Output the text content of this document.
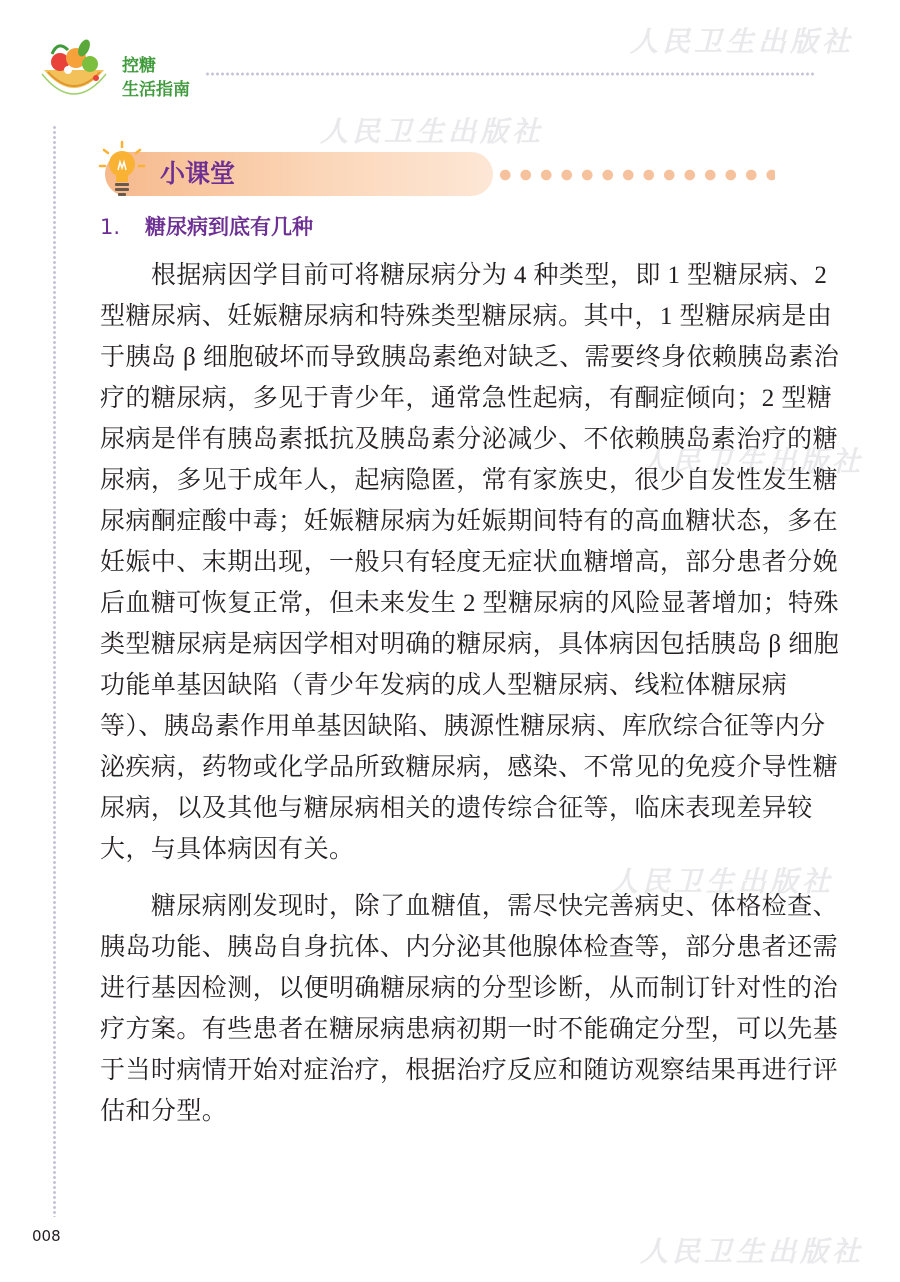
人民卫生出版社
人民卫生出版社
人民卫生出版社
人民卫生出版社
人民卫生出版社
控糖
生活指南
小课堂
1. 糖尿病到底有几种
　　根据病因学目前可将糖尿病分为 4 种类型，即 1 型糖尿病、2
型糖尿病、妊娠糖尿病和特殊类型糖尿病。其中，1 型糖尿病是由
于胰岛 β 细胞破坏而导致胰岛素绝对缺乏、需要终身依赖胰岛素治
疗的糖尿病，多见于青少年，通常急性起病，有酮症倾向；2 型糖
尿病是伴有胰岛素抵抗及胰岛素分泌减少、不依赖胰岛素治疗的糖
尿病，多见于成年人，起病隐匿，常有家族史，很少自发性发生糖
尿病酮症酸中毒；妊娠糖尿病为妊娠期间特有的高血糖状态，多在
妊娠中、末期出现，一般只有轻度无症状血糖增高，部分患者分娩
后血糖可恢复正常，但未来发生 2 型糖尿病的风险显著增加；特殊
类型糖尿病是病因学相对明确的糖尿病，具体病因包括胰岛 β 细胞
功能单基因缺陷（青少年发病的成人型糖尿病、线粒体糖尿病
等）、胰岛素作用单基因缺陷、胰源性糖尿病、库欣综合征等内分
泌疾病，药物或化学品所致糖尿病，感染、不常见的免疫介导性糖
尿病，以及其他与糖尿病相关的遗传综合征等，临床表现差异较
大，与具体病因有关。
　　糖尿病刚发现时，除了血糖值，需尽快完善病史、体格检查、
胰岛功能、胰岛自身抗体、内分泌其他腺体检查等，部分患者还需
进行基因检测，以便明确糖尿病的分型诊断，从而制订针对性的治
疗方案。有些患者在糖尿病患病初期一时不能确定分型，可以先基
于当时病情开始对症治疗，根据治疗反应和随访观察结果再进行评
估和分型。
008
